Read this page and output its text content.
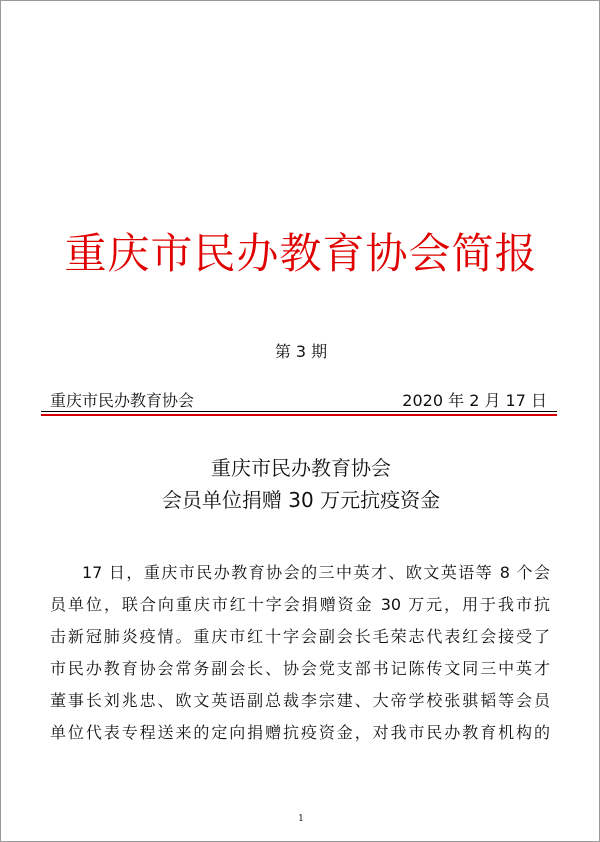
重庆市民办教育协会简报
第 3 期
重庆市民办教育协会	2020 年 2 月 17 日
重庆市民办教育协会
会员单位捐赠 30 万元抗疫资金
17 日，重庆市民办教育协会的三中英才、欧文英语等 8 个会
员单位，联合向重庆市红十字会捐赠资金 30 万元，用于我市抗
击新冠肺炎疫情。重庆市红十字会副会长毛荣志代表红会接受了
市民办教育协会常务副会长、协会党支部书记陈传文同三中英才
董事长刘兆忠、欧文英语副总裁李宗建、大帝学校张骐韬等会员
单位代表专程送来的定向捐赠抗疫资金，对我市民办教育机构的
1
